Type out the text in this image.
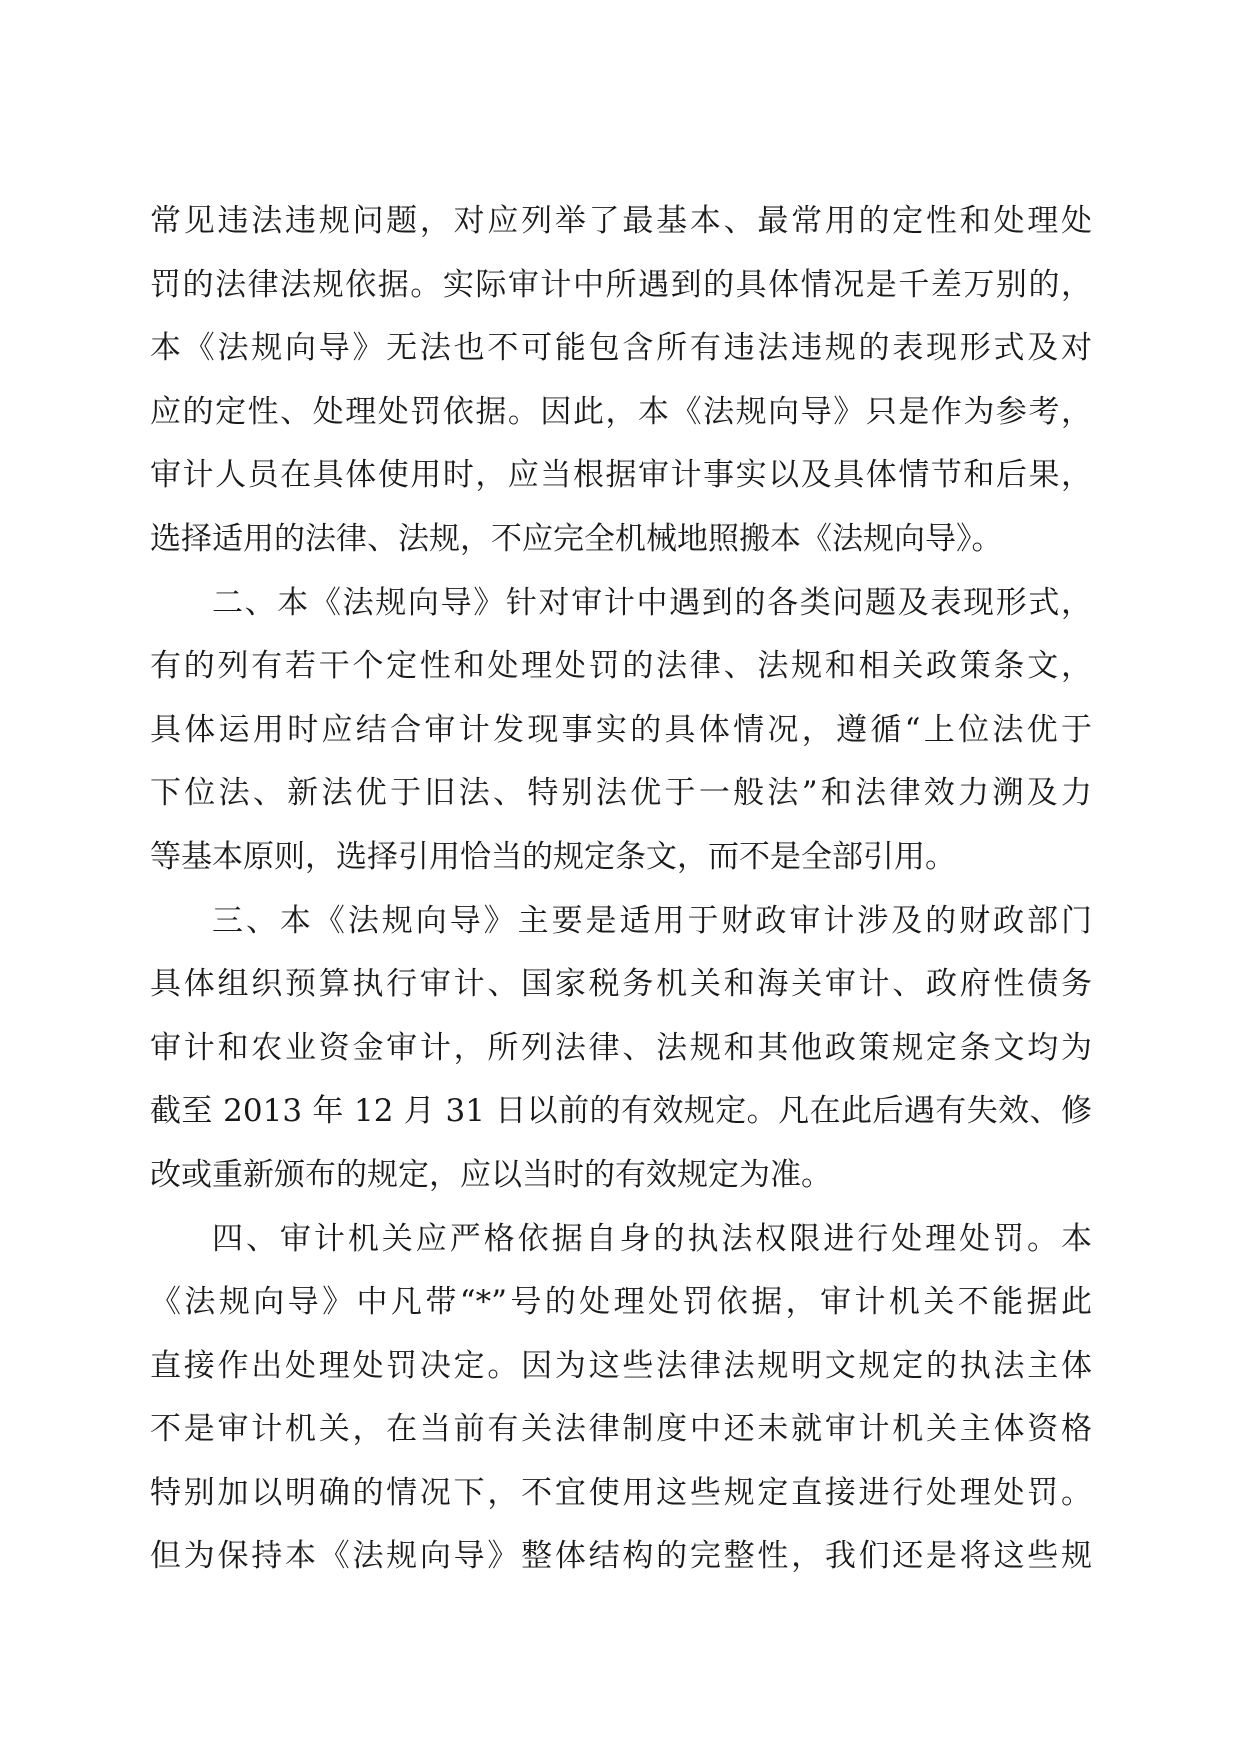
常见违法违规问题，对应列举了最基本、最常用的定性和处理处
罚的法律法规依据。实际审计中所遇到的具体情况是千差万别的，
本《法规向导》无法也不可能包含所有违法违规的表现形式及对
应的定性、处理处罚依据。因此，本《法规向导》只是作为参考，
审计人员在具体使用时，应当根据审计事实以及具体情节和后果，
选择适用的法律、法规，不应完全机械地照搬本《法规向导》。
二、本《法规向导》针对审计中遇到的各类问题及表现形式，
有的列有若干个定性和处理处罚的法律、法规和相关政策条文，
具体运用时应结合审计发现事实的具体情况，遵循“上位法优于
下位法、新法优于旧法、特别法优于一般法”和法律效力溯及力
等基本原则，选择引用恰当的规定条文，而不是全部引用。
三、本《法规向导》主要是适用于财政审计涉及的财政部门
具体组织预算执行审计、国家税务机关和海关审计、政府性债务
审计和农业资金审计，所列法律、法规和其他政策规定条文均为
截至 2013 年 12 月 31 日以前的有效规定。凡在此后遇有失效、修
改或重新颁布的规定，应以当时的有效规定为准。
四、审计机关应严格依据自身的执法权限进行处理处罚。本
《法规向导》中凡带“*”号的处理处罚依据，审计机关不能据此
直接作出处理处罚决定。因为这些法律法规明文规定的执法主体
不是审计机关，在当前有关法律制度中还未就审计机关主体资格
特别加以明确的情况下，不宜使用这些规定直接进行处理处罚。
但为保持本《法规向导》整体结构的完整性，我们还是将这些规
